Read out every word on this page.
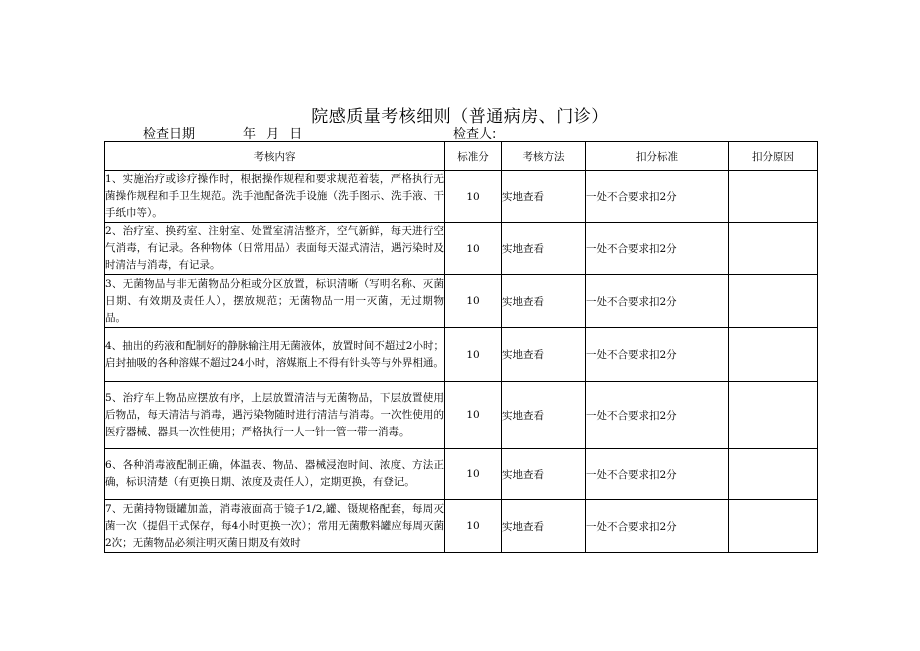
院感质量考核细则（普通病房、门诊）
检查日期	年 月 日	检查人:
考核内容	标准分	考核方法	扣分标准	扣分原因
1、实施治疗或诊疗操作时，根据操作规程和要求规范着装，严格执行无菌操作规程和手卫生规范。洗手池配备洗手设施（洗手图示、洗手液、干手纸巾等）。	10	实地查看	一处不合要求扣2分	
2、治疗室、换药室、注射室、处置室清洁整齐，空气新鲜，每天进行空气消毒，有记录。各种物体（日常用品）表面每天湿式清洁，遇污染时及时清洁与消毒，有记录。	10	实地查看	一处不合要求扣2分	
3、无菌物品与非无菌物品分柜或分区放置，标识清晰（写明名称、灭菌日期、有效期及责任人），摆放规范；无菌物品一用一灭菌，无过期物品。	10	实地查看	一处不合要求扣2分	
4、抽出的药液和配制好的静脉输注用无菌液体，放置时间不超过2小时；启封抽吸的各种溶媒不超过24小时，溶媒瓶上不得有针头等与外界相通。	10	实地查看	一处不合要求扣2分	
5、治疗车上物品应摆放有序，上层放置清洁与无菌物品，下层放置使用后物品，每天清洁与消毒，遇污染物随时进行清洁与消毒。一次性使用的医疗器械、器具一次性使用；严格执行一人一针一管一带一消毒。	10	实地查看	一处不合要求扣2分	
6、各种消毒液配制正确，体温表、物品、器械浸泡时间、浓度、方法正确，标识清楚（有更换日期、浓度及责任人），定期更换，有登记。	10	实地查看	一处不合要求扣2分	
7、无菌持物镊罐加盖，消毒液面高于镜子1/2,罐、镊规格配套，每周灭菌一次（提倡干式保存，每4小时更换一次）；常用无菌敷料罐应每周灭菌2次；无菌物品必须注明灭菌日期及有效时	10	实地查看	一处不合要求扣2分	
